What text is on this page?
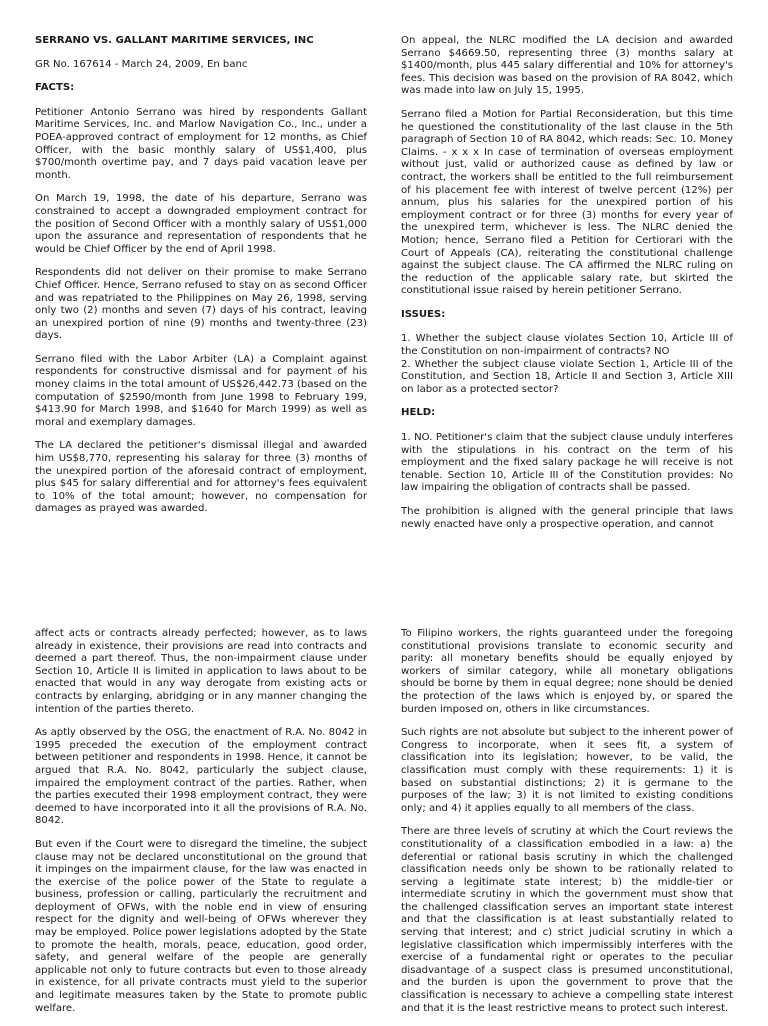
SERRANO VS. GALLANT MARITIME SERVICES, INC

GR No. 167614 - March 24, 2009, En banc

FACTS:

Petitioner Antonio Serrano was hired by respondents Gallant Maritime Services, Inc. and Marlow Navigation Co., Inc., under a POEA-approved contract of employment for 12 months, as Chief Officer, with the basic monthly salary of US$1,400, plus $700/month overtime pay, and 7 days paid vacation leave per month.

On March 19, 1998, the date of his departure, Serrano was constrained to accept a downgraded employment contract for the position of Second Officer with a monthly salary of US$1,000 upon the assurance and representation of respondents that he would be Chief Officer by the end of April 1998.

Respondents did not deliver on their promise to make Serrano Chief Officer. Hence, Serrano refused to stay on as second Officer and was repatriated to the Philippines on May 26, 1998, serving only two (2) months and seven (7) days of his contract, leaving an unexpired portion of nine (9) months and twenty-three (23) days.

Serrano filed with the Labor Arbiter (LA) a Complaint against respondents for constructive dismissal and for payment of his money claims in the total amount of US$26,442.73 (based on the computation of $2590/month from June 1998 to February 199, $413.90 for March 1998, and $1640 for March 1999) as well as moral and exemplary damages.

The LA declared the petitioner's dismissal illegal and awarded him US$8,770, representing his salaray for three (3) months of the unexpired portion of the aforesaid contract of employment, plus $45 for salary differential and for attorney's fees equivalent to 10% of the total amount; however, no compensation for damages as prayed was awarded.

On appeal, the NLRC modified the LA decision and awarded Serrano $4669.50, representing three (3) months salary at $1400/month, plus 445 salary differential and 10% for attorney's fees. This decision was based on the provision of RA 8042, which was made into law on July 15, 1995.

Serrano filed a Motion for Partial Reconsideration, but this time he questioned the constitutionality of the last clause in the 5th paragraph of Section 10 of RA 8042, which reads: Sec. 10. Money Claims. - x x x In case of termination of overseas employment without just, valid or authorized cause as defined by law or contract, the workers shall be entitled to the full reimbursement of his placement fee with interest of twelve percent (12%) per annum, plus his salaries for the unexpired portion of his employment contract or for three (3) months for every year of the unexpired term, whichever is less. The NLRC denied the Motion; hence, Serrano filed a Petition for Certiorari with the Court of Appeals (CA), reiterating the constitutional challenge against the subject clause. The CA affirmed the NLRC ruling on the reduction of the applicable salary rate, but skirted the constitutional issue raised by herein petitioner Serrano.

ISSUES:

1. Whether the subject clause violates Section 10, Article III of the Constitution on non-impairment of contracts? NO
2. Whether the subject clause violate Section 1, Article III of the Constitution, and Section 18, Article II and Section 3, Article XIII on labor as a protected sector?

HELD:

1. NO. Petitioner's claim that the subject clause unduly interferes with the stipulations in his contract on the term of his employment and the fixed salary package he will receive is not tenable. Section 10, Article III of the Constitution provides: No law impairing the obligation of contracts shall be passed.

The prohibition is aligned with the general principle that laws newly enacted have only a prospective operation, and cannot

affect acts or contracts already perfected; however, as to laws already in existence, their provisions are read into contracts and deemed a part thereof. Thus, the non-impairment clause under Section 10, Article II is limited in application to laws about to be enacted that would in any way derogate from existing acts or contracts by enlarging, abridging or in any manner changing the intention of the parties thereto.

As aptly observed by the OSG, the enactment of R.A. No. 8042 in 1995 preceded the execution of the employment contract between petitioner and respondents in 1998. Hence, it cannot be argued that R.A. No. 8042, particularly the subject clause, impaired the employment contract of the parties. Rather, when the parties executed their 1998 employment contract, they were deemed to have incorporated into it all the provisions of R.A. No. 8042.

But even if the Court were to disregard the timeline, the subject clause may not be declared unconstitutional on the ground that it impinges on the impairment clause, for the law was enacted in the exercise of the police power of the State to regulate a business, profession or calling, particularly the recruitment and deployment of OFWs, with the noble end in view of ensuring respect for the dignity and well-being of OFWs wherever they may be employed. Police power legislations adopted by the State to promote the health, morals, peace, education, good order, safety, and general welfare of the people are generally applicable not only to future contracts but even to those already in existence, for all private contracts must yield to the superior and legitimate measures taken by the State to promote public welfare.

To Filipino workers, the rights guaranteed under the foregoing constitutional provisions translate to economic security and parity: all monetary benefits should be equally enjoyed by workers of similar category, while all monetary obligations should be borne by them in equal degree; none should be denied the protection of the laws which is enjoyed by, or spared the burden imposed on, others in like circumstances.

Such rights are not absolute but subject to the inherent power of Congress to incorporate, when it sees fit, a system of classification into its legislation; however, to be valid, the classification must comply with these requirements: 1) it is based on substantial distinctions; 2) it is germane to the purposes of the law; 3) it is not limited to existing conditions only; and 4) it applies equally to all members of the class.

There are three levels of scrutiny at which the Court reviews the constitutionality of a classification embodied in a law: a) the deferential or rational basis scrutiny in which the challenged classification needs only be shown to be rationally related to serving a legitimate state interest; b) the middle-tier or intermediate scrutiny in which the government must show that the challenged classification serves an important state interest and that the classification is at least substantially related to serving that interest; and c) strict judicial scrutiny in which a legislative classification which impermissibly interferes with the exercise of a fundamental right or operates to the peculiar disadvantage of a suspect class is presumed unconstitutional, and the burden is upon the government to prove that the classification is necessary to achieve a compelling state interest and that it is the least restrictive means to protect such interest.
